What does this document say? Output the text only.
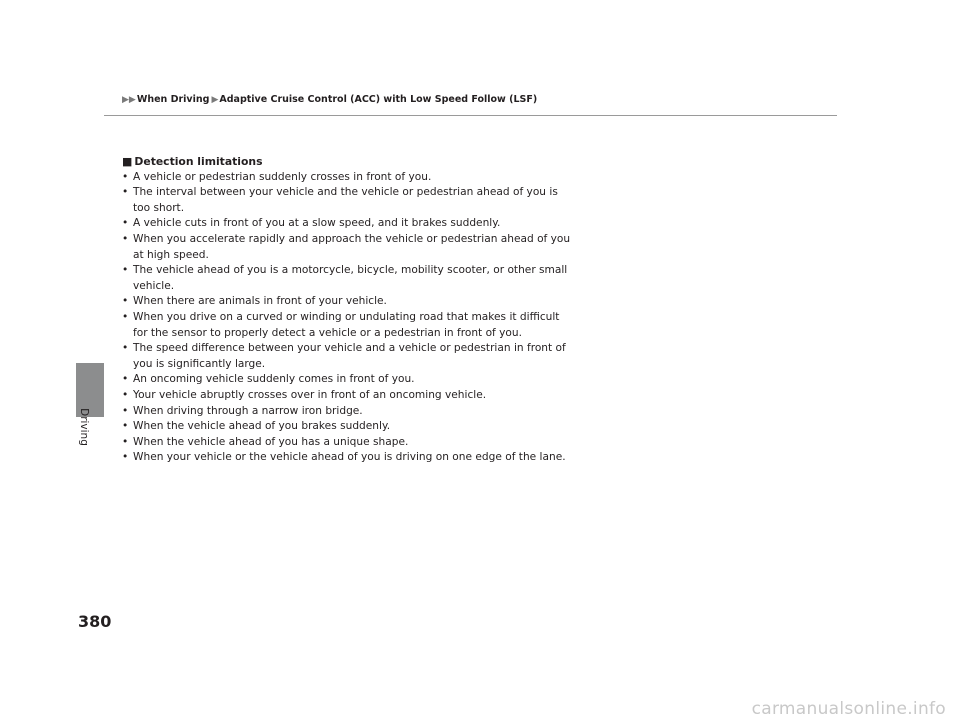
▶▶When Driving ▶Adaptive Cruise Control (ACC) with Low Speed Follow (LSF)
Driving
■ Detection limitations
• A vehicle or pedestrian suddenly crosses in front of you.
• The interval between your vehicle and the vehicle or pedestrian ahead of you is too short.
• A vehicle cuts in front of you at a slow speed, and it brakes suddenly.
• When you accelerate rapidly and approach the vehicle or pedestrian ahead of you at high speed.
• The vehicle ahead of you is a motorcycle, bicycle, mobility scooter, or other small vehicle.
• When there are animals in front of your vehicle.
• When you drive on a curved or winding or undulating road that makes it difficult for the sensor to properly detect a vehicle or a pedestrian in front of you.
• The speed difference between your vehicle and a vehicle or pedestrian in front of you is significantly large.
• An oncoming vehicle suddenly comes in front of you.
• Your vehicle abruptly crosses over in front of an oncoming vehicle.
• When driving through a narrow iron bridge.
• When the vehicle ahead of you brakes suddenly.
• When the vehicle ahead of you has a unique shape.
• When your vehicle or the vehicle ahead of you is driving on one edge of the lane.
380
carmanualsonline.info
